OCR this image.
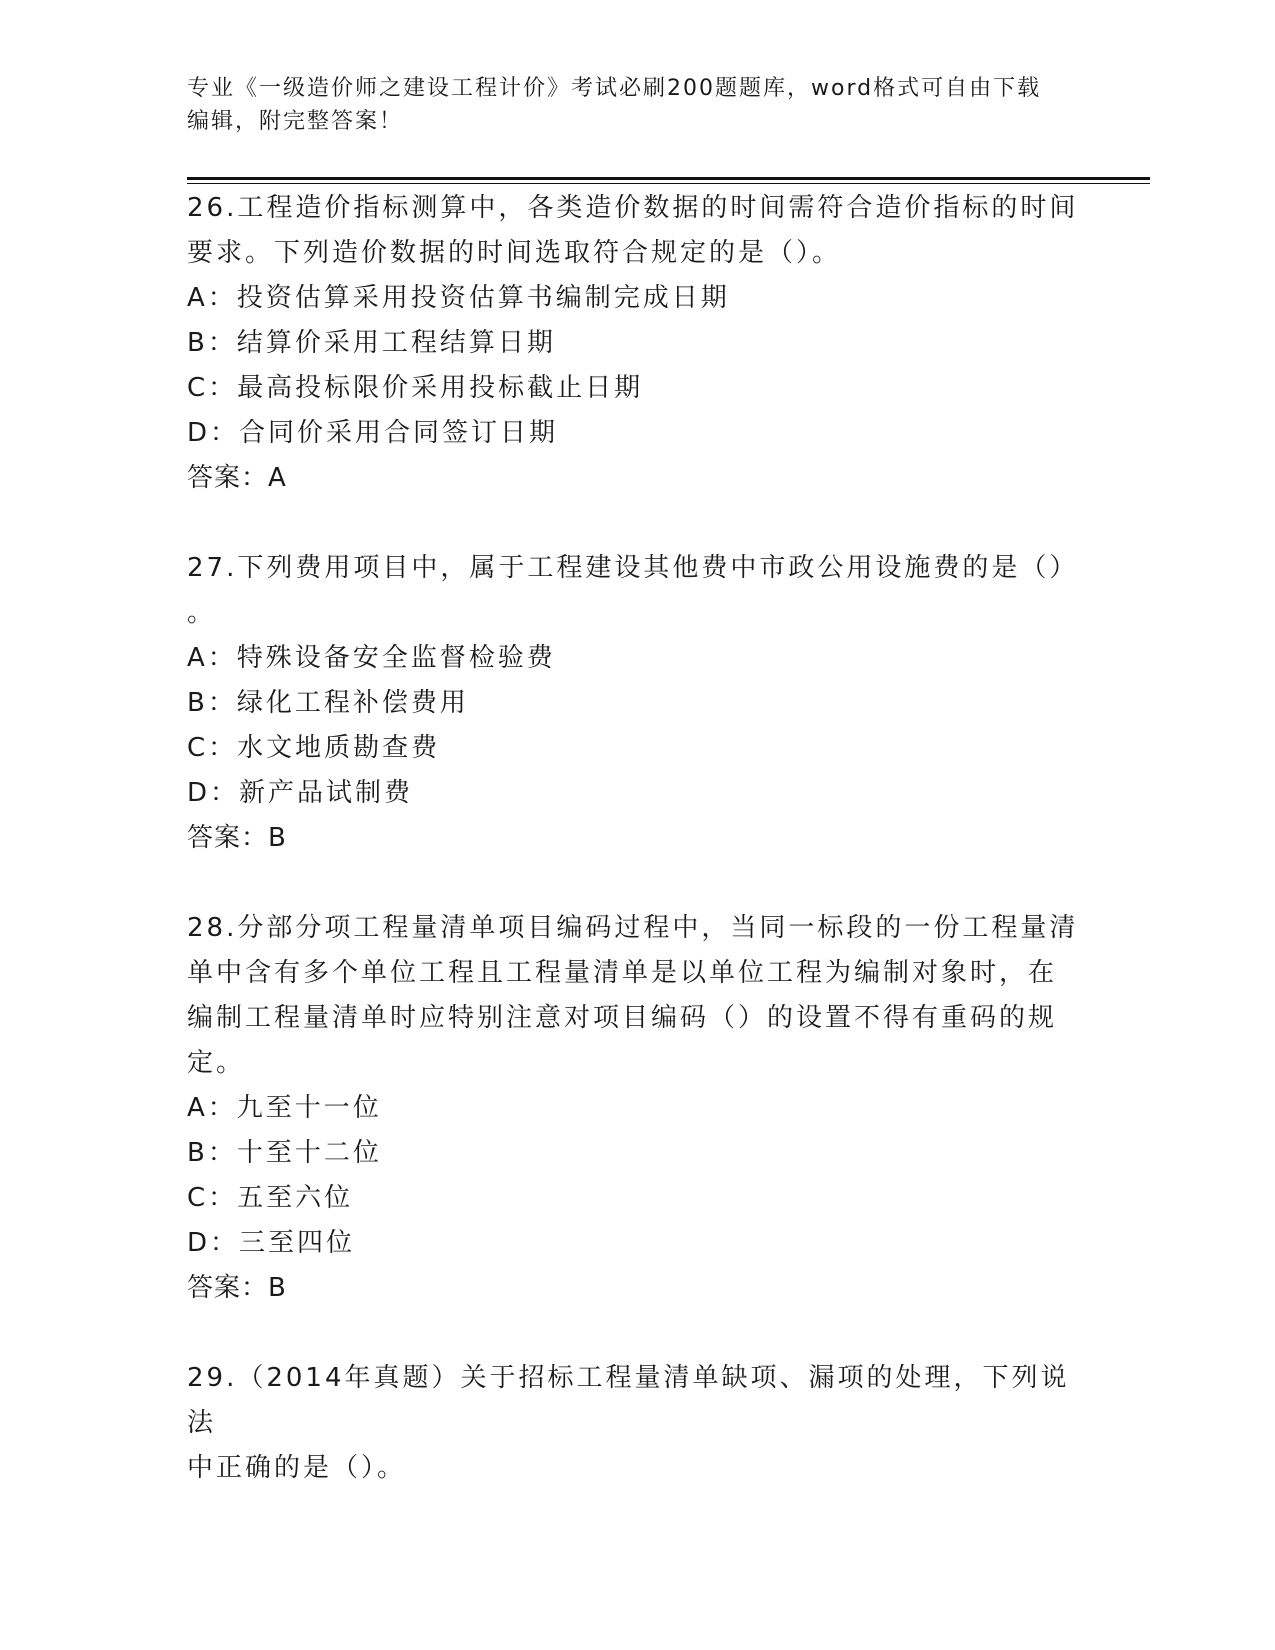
专业《一级造价师之建设工程计价》考试必刷200题题库，word格式可自由下载
编辑，附完整答案！

26.工程造价指标测算中，各类造价数据的时间需符合造价指标的时间

要求。下列造价数据的时间选取符合规定的是（）。

A：投资估算采用投资估算书编制完成日期

B：结算价采用工程结算日期

C：最高投标限价采用投标截止日期

D：合同价采用合同签订日期

答案：A

27.下列费用项目中，属于工程建设其他费中市政公用设施费的是（）

。

A：特殊设备安全监督检验费

B：绿化工程补偿费用

C：水文地质勘查费

D：新产品试制费

答案：B

28.分部分项工程量清单项目编码过程中，当同一标段的一份工程量清

单中含有多个单位工程且工程量清单是以单位工程为编制对象时，在

编制工程量清单时应特别注意对项目编码（）的设置不得有重码的规

定。

A：九至十一位

B：十至十二位

C：五至六位

D：三至四位

答案：B

29.（2014年真题）关于招标工程量清单缺项、漏项的处理，下列说法

中正确的是（）。
